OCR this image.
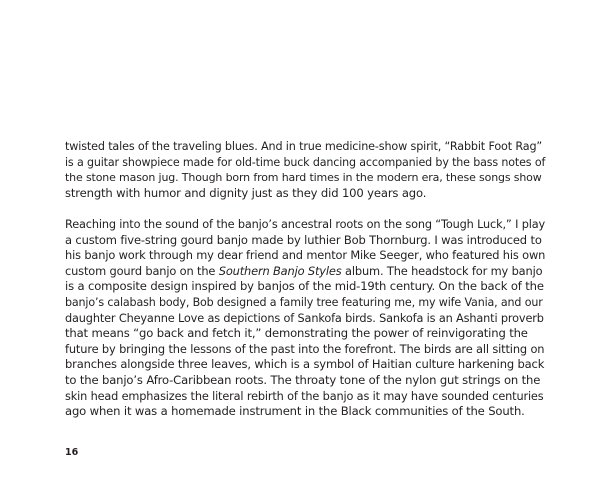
twisted tales of the traveling blues. And in true medicine-show spirit, “Rabbit Foot Rag”
is a guitar showpiece made for old-time buck dancing accompanied by the bass notes of
the stone mason jug. Though born from hard times in the modern era, these songs show
strength with humor and dignity just as they did 100 years ago.

Reaching into the sound of the banjo’s ancestral roots on the song “Tough Luck,” I play
a custom five-string gourd banjo made by luthier Bob Thornburg. I was introduced to
his banjo work through my dear friend and mentor Mike Seeger, who featured his own
custom gourd banjo on the Southern Banjo Styles album. The headstock for my banjo
is a composite design inspired by banjos of the mid-19th century. On the back of the
banjo’s calabash body, Bob designed a family tree featuring me, my wife Vania, and our
daughter Cheyanne Love as depictions of Sankofa birds. Sankofa is an Ashanti proverb
that means “go back and fetch it,” demonstrating the power of reinvigorating the
future by bringing the lessons of the past into the forefront. The birds are all sitting on
branches alongside three leaves, which is a symbol of Haitian culture harkening back
to the banjo’s Afro-Caribbean roots. The throaty tone of the nylon gut strings on the
skin head emphasizes the literal rebirth of the banjo as it may have sounded centuries
ago when it was a homemade instrument in the Black communities of the South.

16
